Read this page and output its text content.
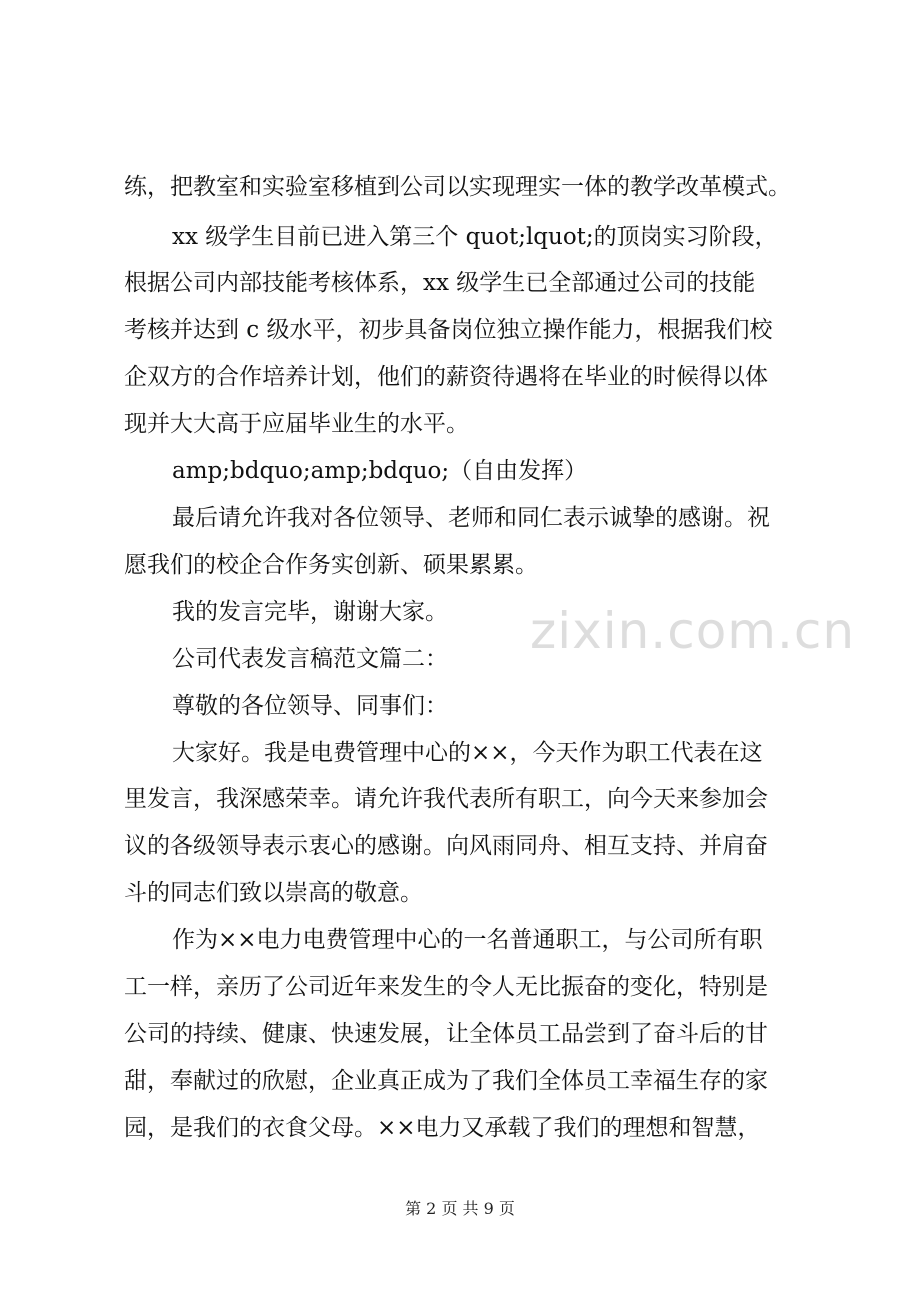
练，把教室和实验室移植到公司以实现理实一体的教学改革模式。
xx 级学生目前已进入第三个 quot;lquot;的顶岗实习阶段，
根据公司内部技能考核体系，xx 级学生已全部通过公司的技能
考核并达到 c 级水平，初步具备岗位独立操作能力，根据我们校
企双方的合作培养计划，他们的薪资待遇将在毕业的时候得以体
现并大大高于应届毕业生的水平。
amp;bdquo;amp;bdquo;（自由发挥）
最后请允许我对各位领导、老师和同仁表示诚挚的感谢。祝
愿我们的校企合作务实创新、硕果累累。
我的发言完毕，谢谢大家。
公司代表发言稿范文篇二：
尊敬的各位领导、同事们：
大家好。我是电费管理中心的××，今天作为职工代表在这
里发言，我深感荣幸。请允许我代表所有职工，向今天来参加会
议的各级领导表示衷心的感谢。向风雨同舟、相互支持、并肩奋
斗的同志们致以崇高的敬意。
作为××电力电费管理中心的一名普通职工，与公司所有职
工一样，亲历了公司近年来发生的令人无比振奋的变化，特别是
公司的持续、健康、快速发展，让全体员工品尝到了奋斗后的甘
甜，奉献过的欣慰，企业真正成为了我们全体员工幸福生存的家
园，是我们的衣食父母。××电力又承载了我们的理想和智慧，
zixin.com.cn
第 2 页 共 9 页
